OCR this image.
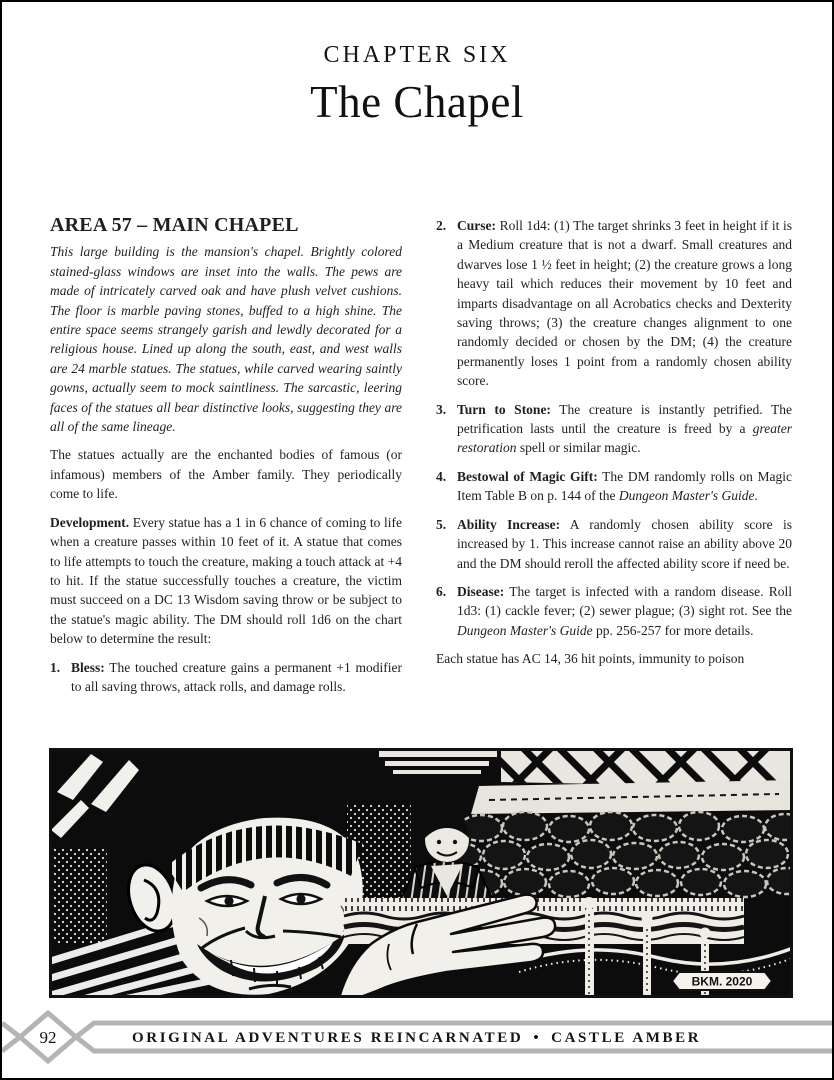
CHAPTER SIX
The Chapel
AREA 57 – MAIN CHAPEL

This large building is the mansion's chapel. Brightly colored stained-glass windows are inset into the walls. The pews are made of intricately carved oak and have plush velvet cushions. The floor is marble paving stones, buffed to a high shine. The entire space seems strangely garish and lewdly decorated for a religious house. Lined up along the south, east, and west walls are 24 marble statues. The statues, while carved wearing saintly gowns, actually seem to mock saintliness. The sarcastic, leering faces of the statues all bear distinctive looks, suggesting they are all of the same lineage.

The statues actually are the enchanted bodies of famous (or infamous) members of the Amber family. They periodically come to life.

Development. Every statue has a 1 in 6 chance of coming to life when a creature passes within 10 feet of it. A statue that comes to life attempts to touch the creature, making a touch attack at +4 to hit. If the statue successfully touches a creature, the victim must succeed on a DC 13 Wisdom saving throw or be subject to the statue's magic ability. The DM should roll 1d6 on the chart below to determine the result:

1. Bless: The touched creature gains a permanent +1 modifier to all saving throws, attack rolls, and damage rolls.
2. Curse: Roll 1d4: (1) The target shrinks 3 feet in height if it is a Medium creature that is not a dwarf. Small creatures and dwarves lose 1 ½ feet in height; (2) the creature grows a long heavy tail which reduces their movement by 10 feet and imparts disadvantage on all Acrobatics checks and Dexterity saving throws; (3) the creature changes alignment to one randomly decided or chosen by the DM; (4) the creature permanently loses 1 point from a randomly chosen ability score.
3. Turn to Stone: The creature is instantly petrified. The petrification lasts until the creature is freed by a greater restoration spell or similar magic.
4. Bestowal of Magic Gift: The DM randomly rolls on Magic Item Table B on p. 144 of the Dungeon Master's Guide.
5. Ability Increase: A randomly chosen ability score is increased by 1. This increase cannot raise an ability above 20 and the DM should reroll the affected ability score if need be.
6. Disease: The target is infected with a random disease. Roll 1d3: (1) cackle fever; (2) sewer plague; (3) sight rot. See the Dungeon Master's Guide pp. 256-257 for more details.

Each statue has AC 14, 36 hit points, immunity to poison

BKM. 2020
92	ORIGINAL ADVENTURES REINCARNATED • CASTLE AMBER
